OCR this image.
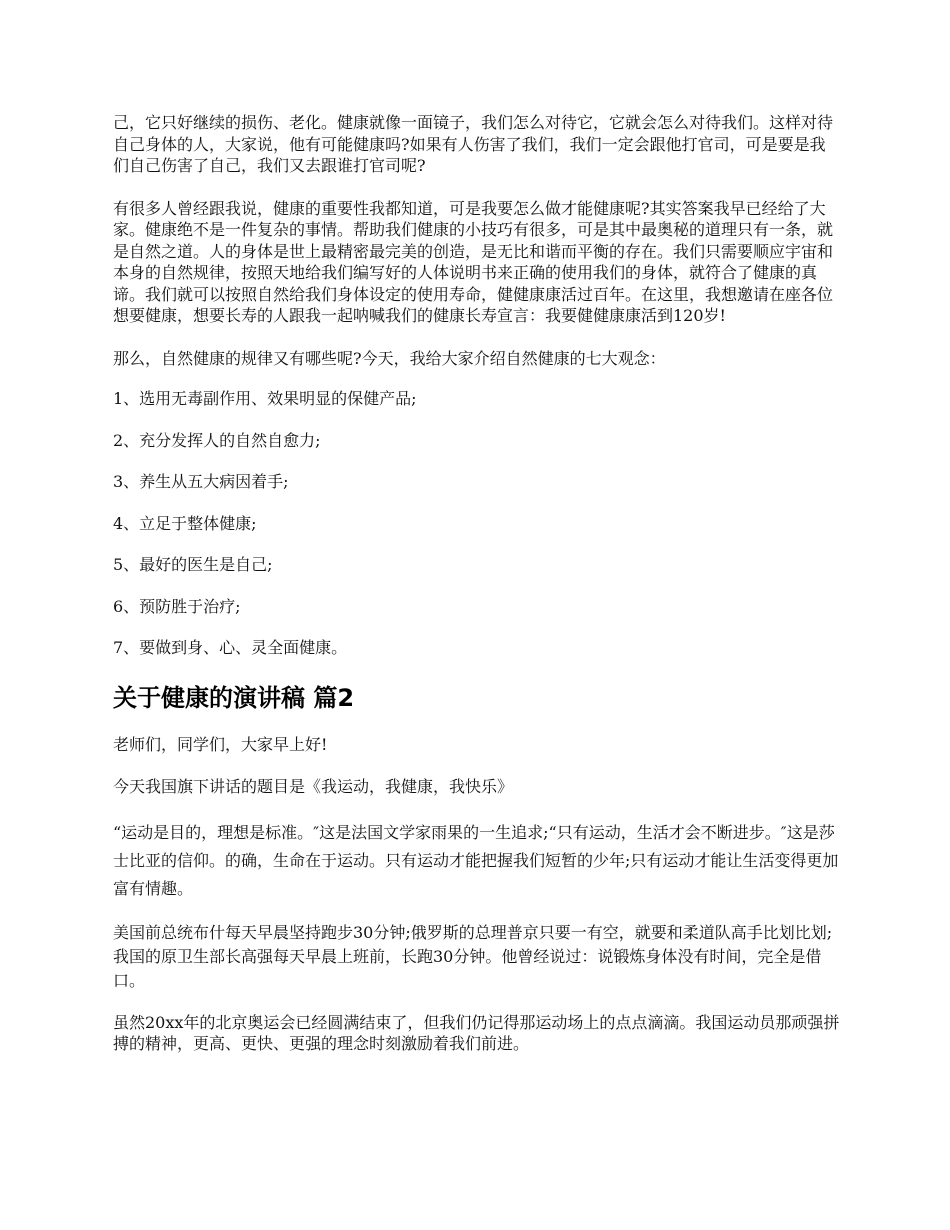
己，它只好继续的损伤、老化。健康就像一面镜子，我们怎么对待它，它就会怎么对待我们。这样对待自己身体的人，大家说，他有可能健康吗?如果有人伤害了我们，我们一定会跟他打官司，可是要是我们自己伤害了自己，我们又去跟谁打官司呢?

有很多人曾经跟我说，健康的重要性我都知道，可是我要怎么做才能健康呢?其实答案我早已经给了大家。健康绝不是一件复杂的事情。帮助我们健康的小技巧有很多，可是其中最奥秘的道理只有一条，就是自然之道。人的身体是世上最精密最完美的创造，是无比和谐而平衡的存在。我们只需要顺应宇宙和本身的自然规律，按照天地给我们编写好的人体说明书来正确的使用我们的身体，就符合了健康的真谛。我们就可以按照自然给我们身体设定的使用寿命，健健康康活过百年。在这里，我想邀请在座各位想要健康，想要长寿的人跟我一起呐喊我们的健康长寿宣言：我要健健康康活到120岁!

那么，自然健康的规律又有哪些呢?今天，我给大家介绍自然健康的七大观念：

1、选用无毒副作用、效果明显的保健产品;

2、充分发挥人的自然自愈力;

3、养生从五大病因着手;

4、立足于整体健康;

5、最好的医生是自己;

6、预防胜于治疗;

7、要做到身、心、灵全面健康。

关于健康的演讲稿 篇2

老师们，同学们，大家早上好!

今天我国旗下讲话的题目是《我运动，我健康，我快乐》

“运动是目的，理想是标准。″这是法国文学家雨果的一生追求;“只有运动，生活才会不断进步。″这是莎士比亚的信仰。的确，生命在于运动。只有运动才能把握我们短暂的少年;只有运动才能让生活变得更加富有情趣。

美国前总统布什每天早晨坚持跑步30分钟;俄罗斯的总理普京只要一有空，就要和柔道队高手比划比划;我国的原卫生部长高强每天早晨上班前，长跑30分钟。他曾经说过：说锻炼身体没有时间，完全是借口。

虽然20xx年的北京奥运会已经圆满结束了，但我们仍记得那运动场上的点点滴滴。我国运动员那顽强拼搏的精神，更高、更快、更强的理念时刻激励着我们前进。
